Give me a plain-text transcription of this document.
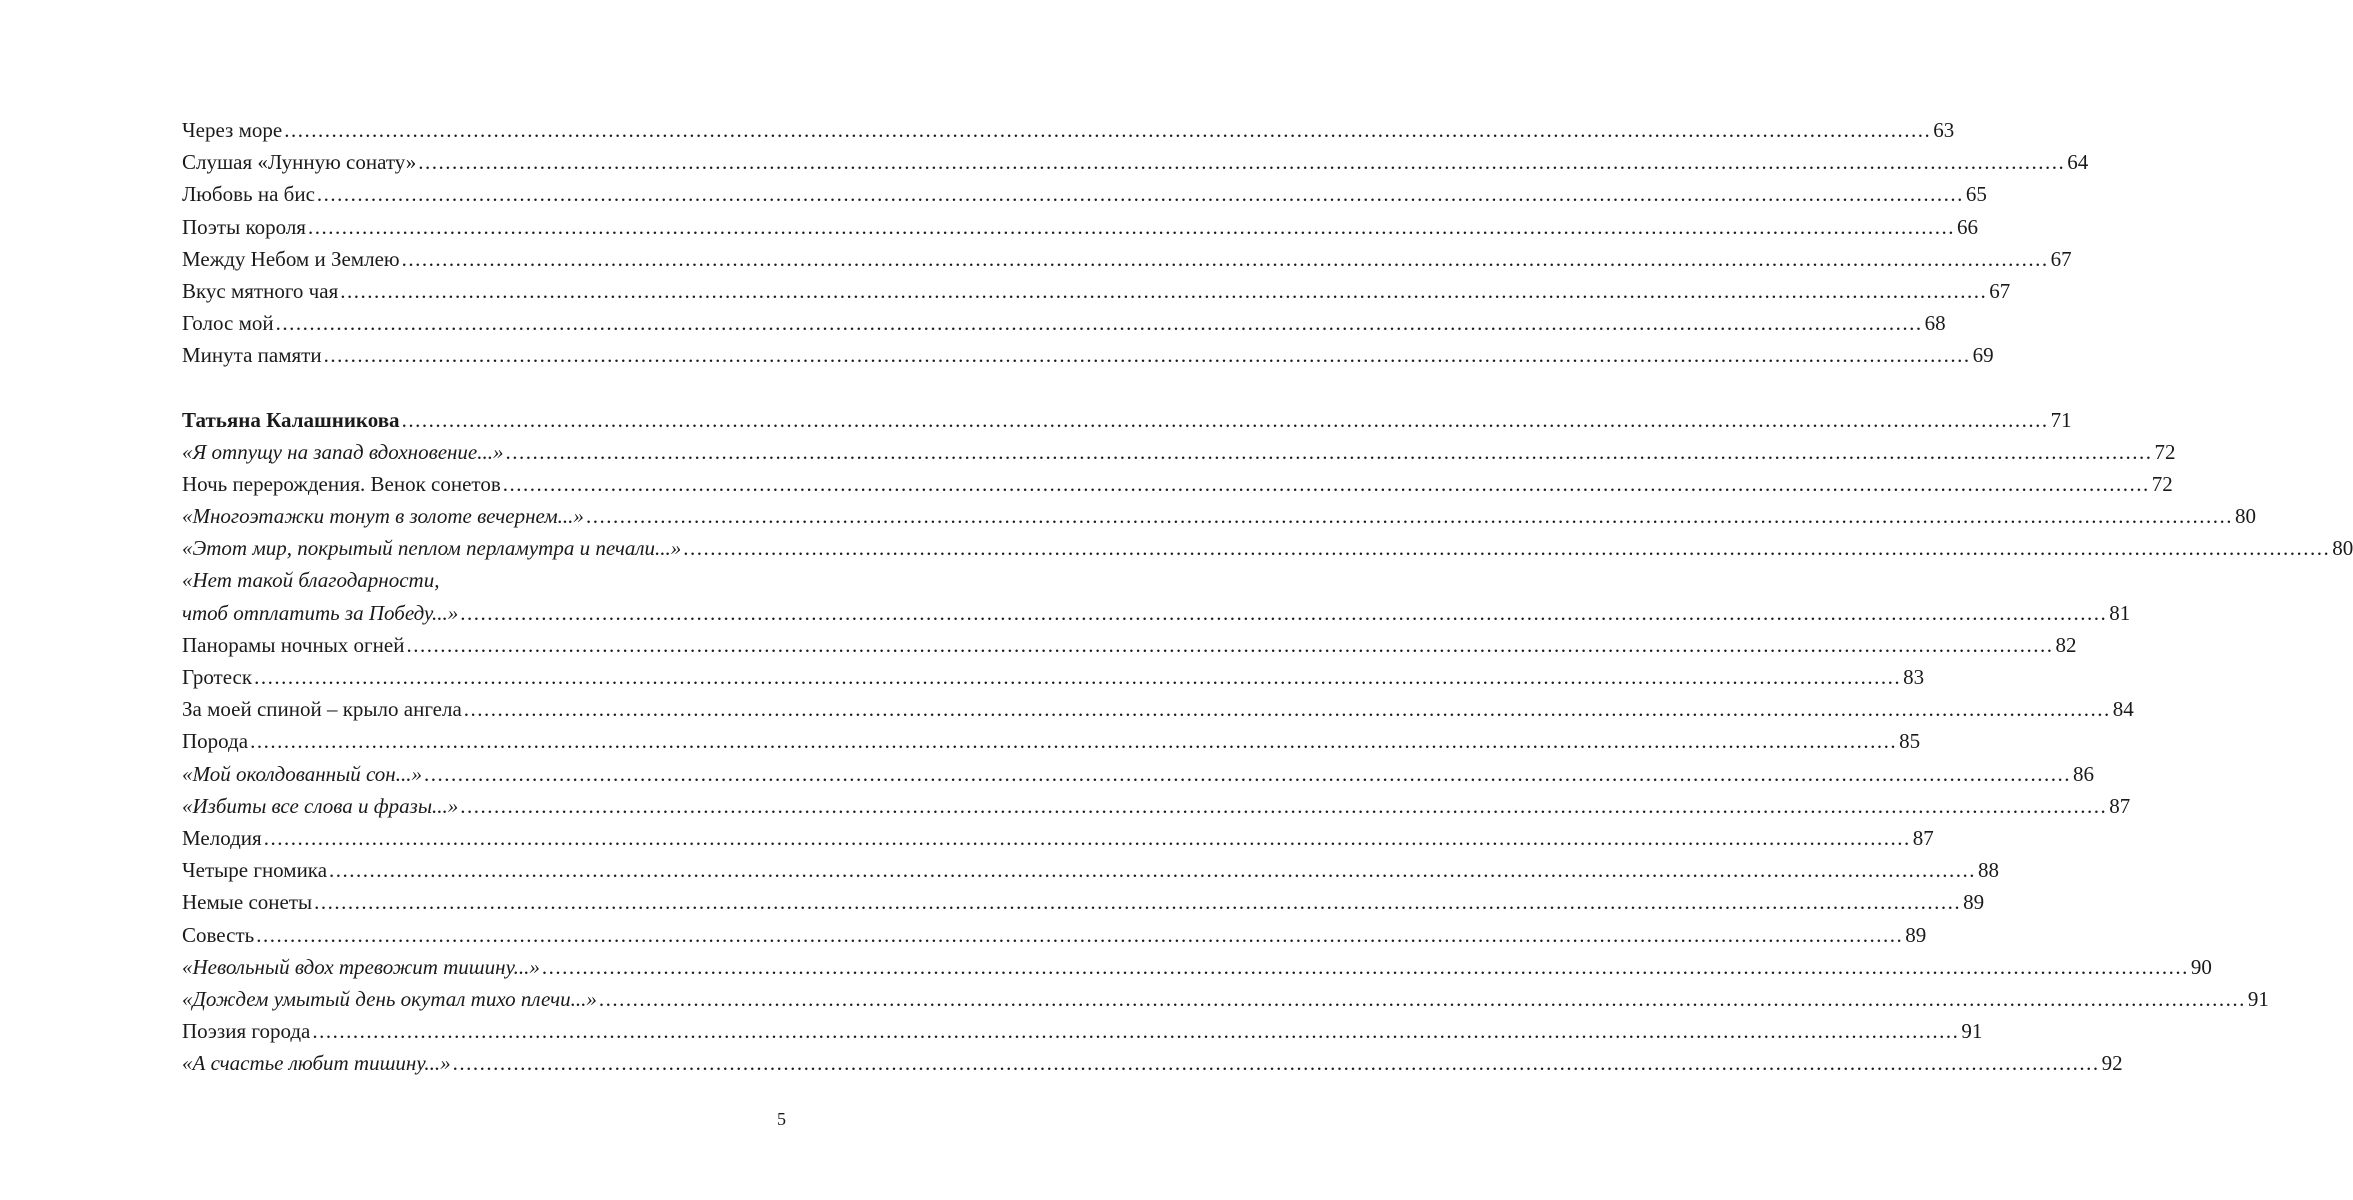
Через море .....	63
Слушая «Лунную сонату» .....	64
Любовь на бис .....	65
Поэты короля .....	66
Между Небом и Землею .....	67
Вкус мятного чая .....	67
Голос мой .....	68
Минута памяти .....	69
Татьяна Калашникова .....	71
«Я отпущу на запад вдохновение...» .....	72
Ночь перерождения. Венок сонетов .....	72
«Многоэтажки тонут в золоте вечернем...» .....	80
«Этот мир, покрытый пеплом перламутра и печали...» .....	80
«Нет такой благодарности,
чтоб отплатить за Победу...» .....	81
Панорамы ночных огней .....	82
Гротеск .....	83
За моей спиной – крыло ангела .....	84
Порода .....	85
«Мой околдованный сон...» .....	86
«Избиты все слова и фразы...» .....	87
Мелодия .....	87
Четыре гномика .....	88
Немые сонеты .....	89
Совесть .....	89
«Невольный вдох тревожит тишину...» .....	90
«Дождем умытый день окутал тихо плечи...» .....	91
Поэзия города .....	91
«А счастье любит тишину...» .....	92
5
